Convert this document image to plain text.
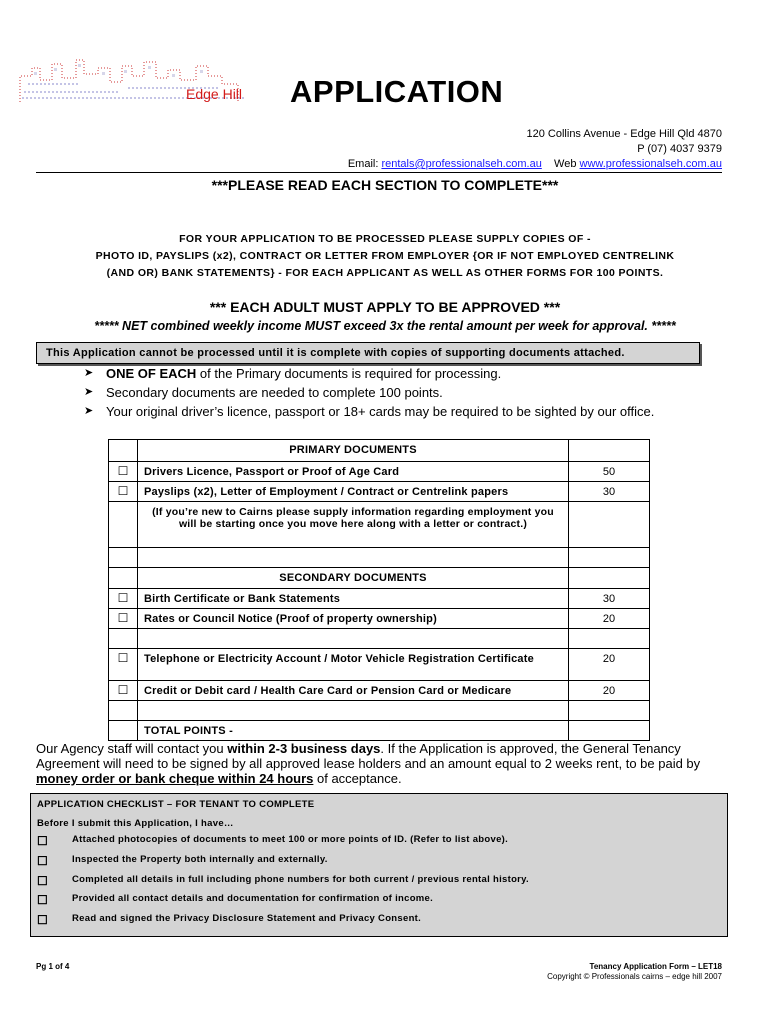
Edge Hill APPLICATION
120 Collins Avenue - Edge Hill Qld 4870
P (07) 4037 9379
Email: rentals@professionalseh.com.au Web www.professionalseh.com.au
***PLEASE READ EACH SECTION TO COMPLETE***
FOR YOUR APPLICATION TO BE PROCESSED PLEASE SUPPLY COPIES OF -
PHOTO ID, PAYSLIPS (x2), CONTRACT OR LETTER FROM EMPLOYER {OR IF NOT EMPLOYED CENTRELINK
(AND OR) BANK STATEMENTS} - FOR EACH APPLICANT AS WELL AS OTHER FORMS FOR 100 POINTS.
*** EACH ADULT MUST APPLY TO BE APPROVED ***
***** NET combined weekly income MUST exceed 3x the rental amount per week for approval. *****
This Application cannot be processed until it is complete with copies of supporting documents attached.
➤ ONE OF EACH of the Primary documents is required for processing.
➤ Secondary documents are needed to complete 100 points.
➤ Your original driver’s licence, passport or 18+ cards may be required to be sighted by our office.
	PRIMARY DOCUMENTS	
☐	Drivers Licence, Passport or Proof of Age Card	50
☐	Payslips (x2), Letter of Employment / Contract or Centrelink papers	30
	(If you’re new to Cairns please supply information regarding employment you will be starting once you move here along with a letter or contract.)	

	SECONDARY DOCUMENTS	
☐	Birth Certificate or Bank Statements	30
☐	Rates or Council Notice (Proof of property ownership)	20

☐	Telephone or Electricity Account / Motor Vehicle Registration Certificate	20
☐	Credit or Debit card / Health Care Card or Pension Card or Medicare	20

	TOTAL POINTS -	
Our Agency staff will contact you within 2-3 business days. If the Application is approved, the General Tenancy Agreement will need to be signed by all approved lease holders and an amount equal to 2 weeks rent, to be paid by money order or bank cheque within 24 hours of acceptance.
APPLICATION CHECKLIST – FOR TENANT TO COMPLETE
Before I submit this Application, I have…
☐	Attached photocopies of documents to meet 100 or more points of ID. (Refer to list above).
☐	Inspected the Property both internally and externally.
☐	Completed all details in full including phone numbers for both current / previous rental history.
☐	Provided all contact details and documentation for confirmation of income.
☐	Read and signed the Privacy Disclosure Statement and Privacy Consent.
Pg 1 of 4	Tenancy Application Form – LET18
Copyright © Professionals cairns – edge hill 2007
